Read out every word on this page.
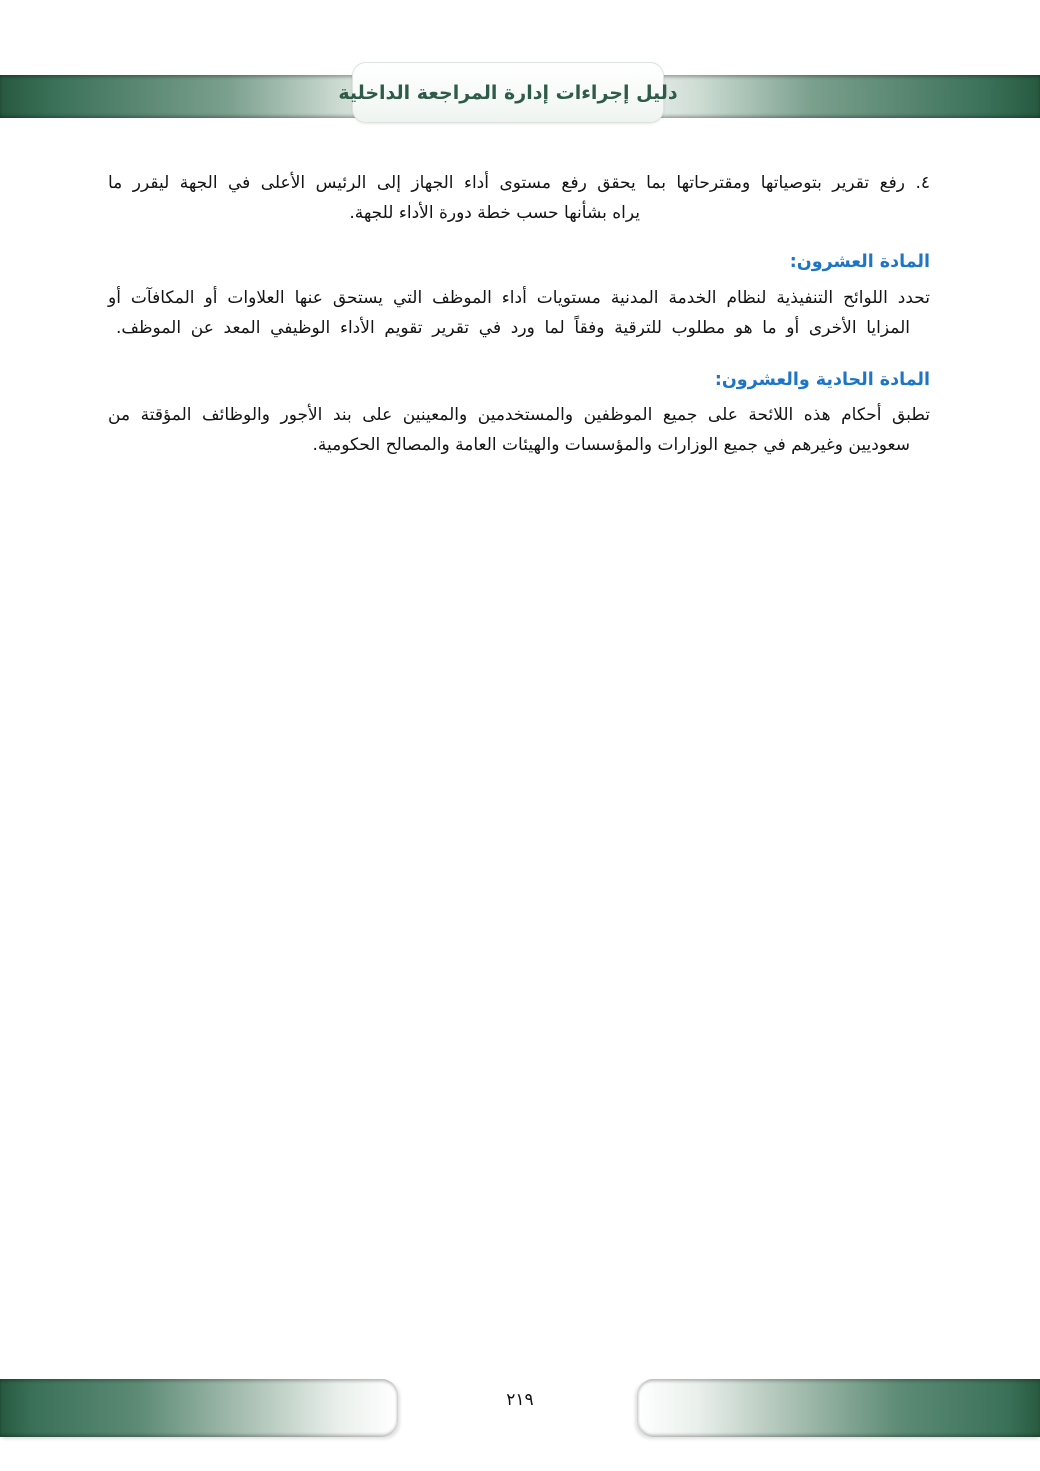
دليل إجراءات إدارة المراجعة الداخلية
٤. رفع تقرير بتوصياتها ومقترحاتها بما يحقق رفع مستوى أداء الجهاز إلى الرئيس الأعلى في الجهة ليقرر ما
يراه بشأنها حسب خطة دورة الأداء للجهة.
المادة العشرون:
تحدد اللوائح التنفيذية لنظام الخدمة المدنية مستويات أداء الموظف التي يستحق عنها العلاوات أو المكافآت أو
المزايا الأخرى أو ما هو مطلوب للترقية وفقاً لما ورد في تقرير تقويم الأداء الوظيفي المعد عن الموظف.
المادة الحادية والعشرون:
تطبق أحكام هذه اللائحة على جميع الموظفين والمستخدمين والمعينين على بند الأجور والوظائف المؤقتة من
سعوديين وغيرهم في جميع الوزارات والمؤسسات والهيئات العامة والمصالح الحكومية.
٢١٩
